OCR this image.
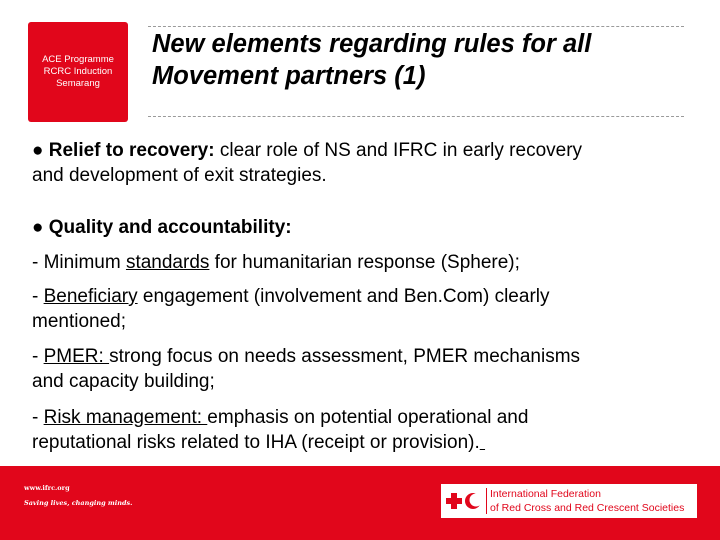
ACE Programme
RCRC Induction
Semarang
New elements regarding rules for all
Movement partners (1)
● Relief to recovery: clear role of NS and IFRC in early recovery
and development of exit strategies.
● Quality and accountability:
- Minimum standards for humanitarian response (Sphere);
- Beneficiary engagement (involvement and Ben.Com) clearly
mentioned;
- PMER: strong focus on needs assessment, PMER mechanisms
and capacity building;
- Risk management: emphasis on potential operational and
reputational risks related to IHA (receipt or provision).
www.ifrc.org
Saving lives, changing minds.
International Federation
of Red Cross and Red Crescent Societies
